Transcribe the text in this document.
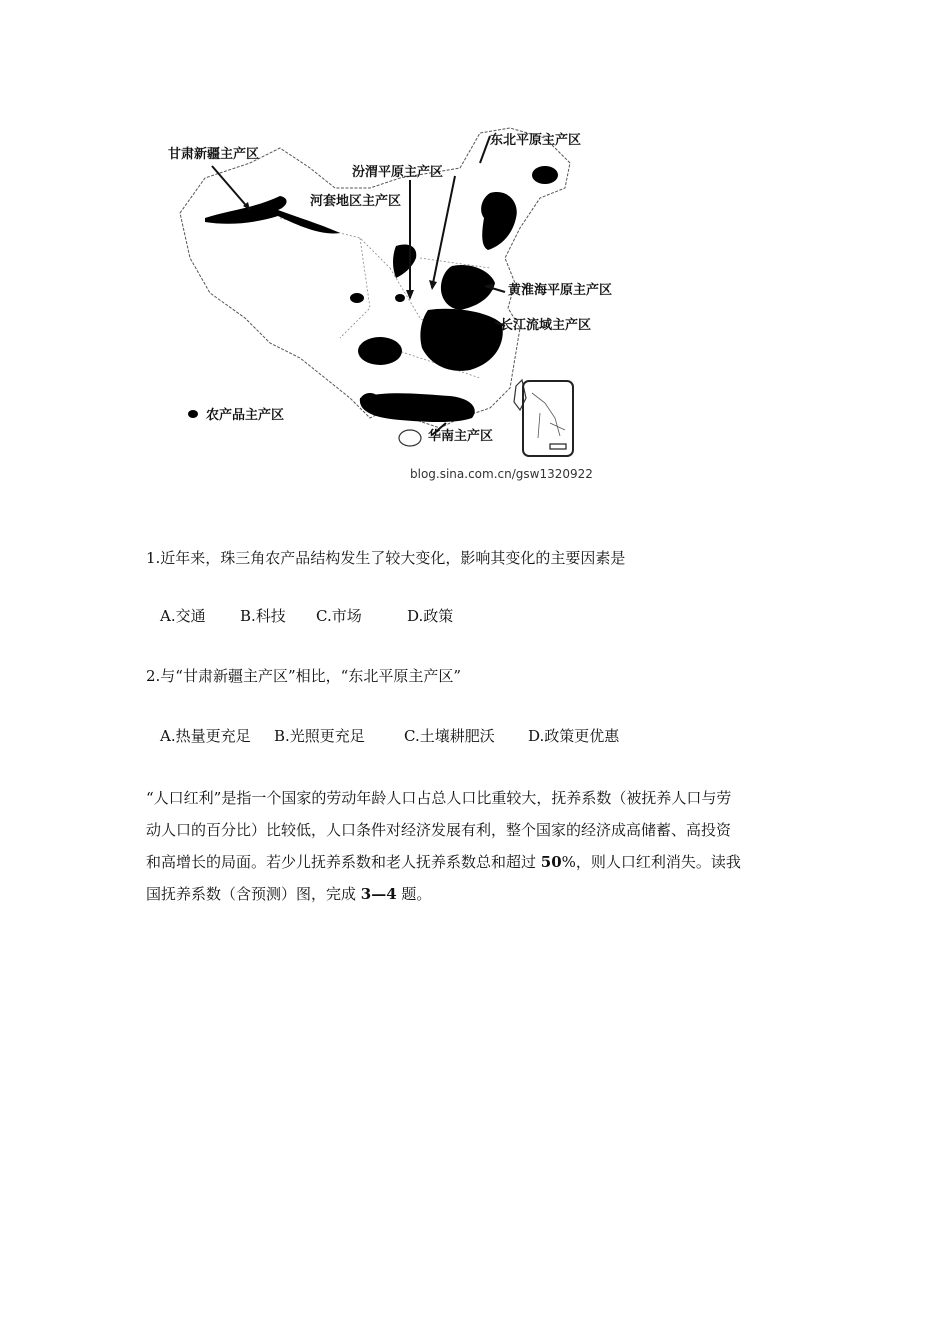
甘肃新疆主产区
汾渭平原主产区
河套地区主产区
东北平原主产区
黄淮海平原主产区
长江流域主产区
华南主产区
农产品主产区
blog.sina.com.cn/gsw1320922
1.近年来，珠三角农产品结构发生了较大变化，影响其变化的主要因素是
A.交通 B.科技 C.市场	D.政策
2.与“甘肃新疆主产区”相比，“东北平原主产区”
A.热量更充足 B.光照更充足	C.土壤耕肥沃 D.政策更优惠

“人口红利”是指一个国家的劳动年龄人口占总人口比重较大，抚养系数（被抚养人口与劳

动人口的百分比）比较低，人口条件对经济发展有利，整个国家的经济成高储蓄、高投资

和高增长的局面。若少儿抚养系数和老人抚养系数总和超过 50%，则人口红利消失。读我

国抚养系数（含预测）图，完成 3—4 题。
